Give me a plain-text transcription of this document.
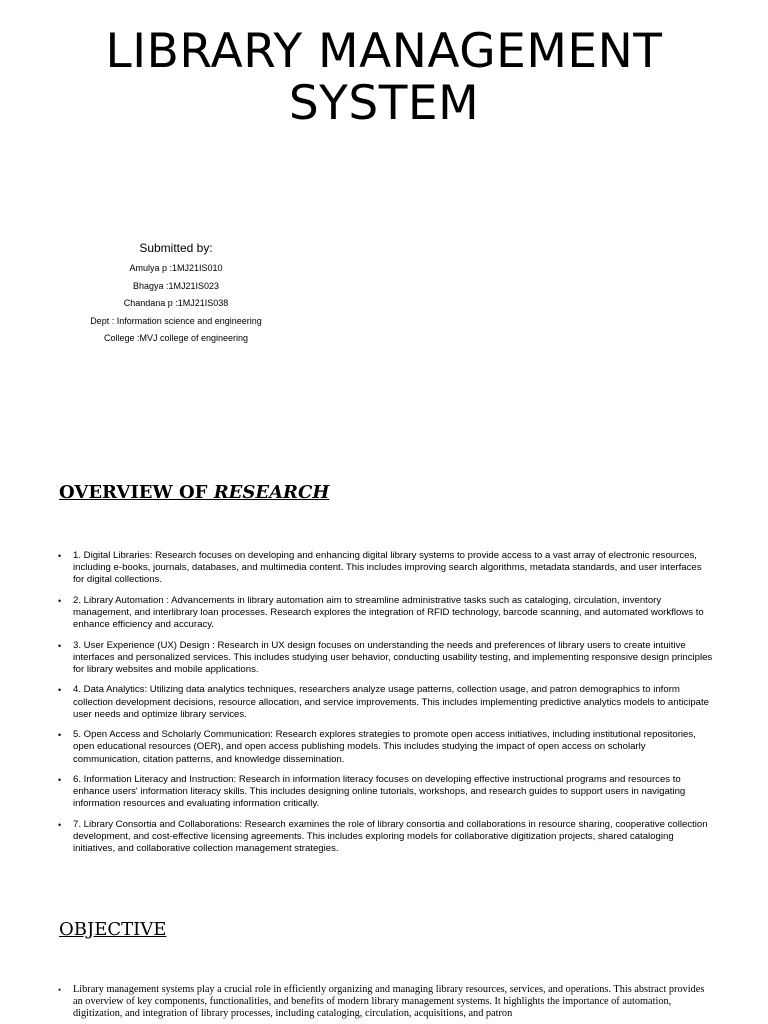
LIBRARY MANAGEMENT
SYSTEM
Submitted by:
Amulya p :1MJ21IS010
Bhagya :1MJ21IS023
Chandana p :1MJ21IS038
Dept : Information science and engineering
College :MVJ college of engineering
OVERVIEW OF RESEARCH
• 1. Digital Libraries: Research focuses on developing and enhancing digital library systems to provide access to a vast array of electronic resources, including e-books, journals, databases, and multimedia content. This includes improving search algorithms, metadata standards, and user interfaces for digital collections.
• 2. Library Automation : Advancements in library automation aim to streamline administrative tasks such as cataloging, circulation, inventory management, and interlibrary loan processes. Research explores the integration of RFID technology, barcode scanning, and automated workflows to enhance efficiency and accuracy.
• 3. User Experience (UX) Design : Research in UX design focuses on understanding the needs and preferences of library users to create intuitive interfaces and personalized services. This includes studying user behavior, conducting usability testing, and implementing responsive design principles for library websites and mobile applications.
• 4. Data Analytics: Utilizing data analytics techniques, researchers analyze usage patterns, collection usage, and patron demographics to inform collection development decisions, resource allocation, and service improvements. This includes implementing predictive analytics models to anticipate user needs and optimize library services.
• 5. Open Access and Scholarly Communication: Research explores strategies to promote open access initiatives, including institutional repositories, open educational resources (OER), and open access publishing models. This includes studying the impact of open access on scholarly communication, citation patterns, and knowledge dissemination.
• 6. Information Literacy and Instruction: Research in information literacy focuses on developing effective instructional programs and resources to enhance users' information literacy skills. This includes designing online tutorials, workshops, and research guides to support users in navigating information resources and evaluating information critically.
• 7. Library Consortia and Collaborations: Research examines the role of library consortia and collaborations in resource sharing, cooperative collection development, and cost-effective licensing agreements. This includes exploring models for collaborative digitization projects, shared cataloging initiatives, and collaborative collection management strategies.
OBJECTIVE
• Library management systems play a crucial role in efficiently organizing and managing library resources, services, and operations. This abstract provides an overview of key components, functionalities, and benefits of modern library management systems. It highlights the importance of automation, digitization, and integration of library processes, including cataloging, circulation, acquisitions, and patron
